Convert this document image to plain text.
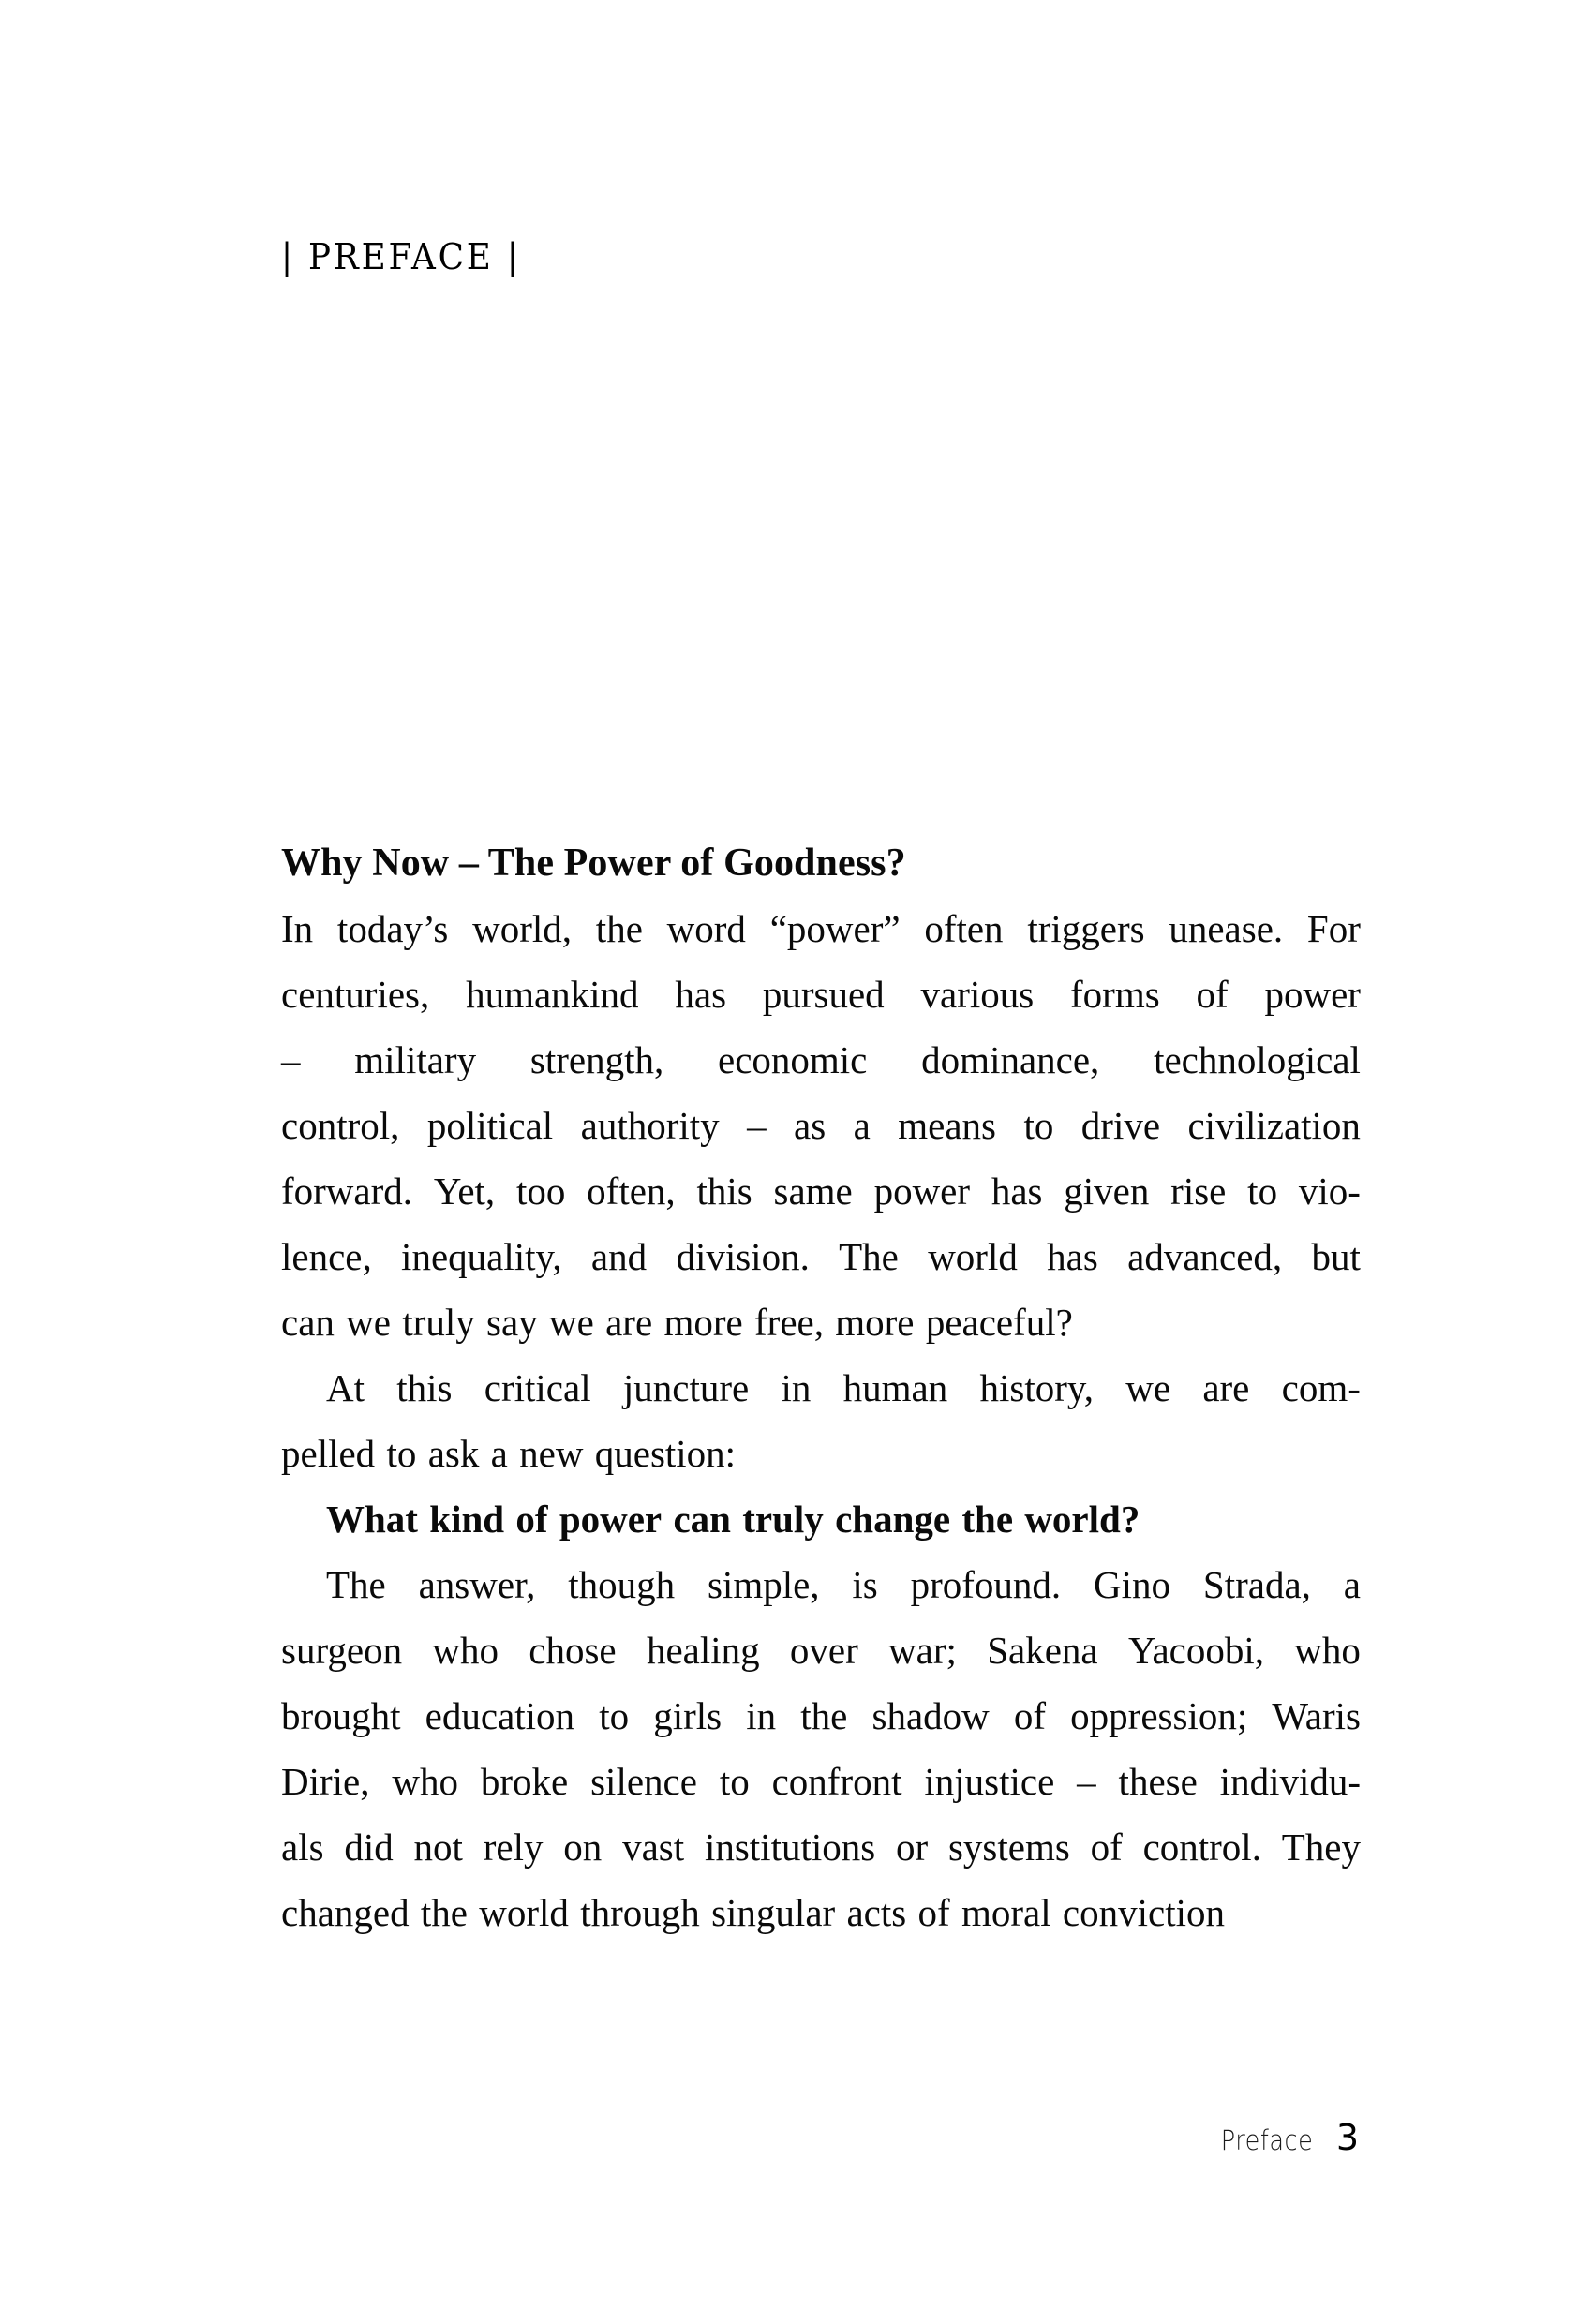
| PREFACE |
Why Now – The Power of Goodness?
In today’s world, the word “power” often triggers unease. For
centuries, humankind has pursued various forms of power
– military strength, economic dominance, technological
control, political authority – as a means to drive civilization
forward. Yet, too often, this same power has given rise to vio-
lence, inequality, and division. The world has advanced, but
can we truly say we are more free, more peaceful?
At this critical juncture in human history, we are com-
pelled to ask a new question:
What kind of power can truly change the world?
The answer, though simple, is profound. Gino Strada, a
surgeon who chose healing over war; Sakena Yacoobi, who
brought education to girls in the shadow of oppression; Waris
Dirie, who broke silence to confront injustice – these individu-
als did not rely on vast institutions or systems of control. They
changed the world through singular acts of moral conviction
Preface 3
